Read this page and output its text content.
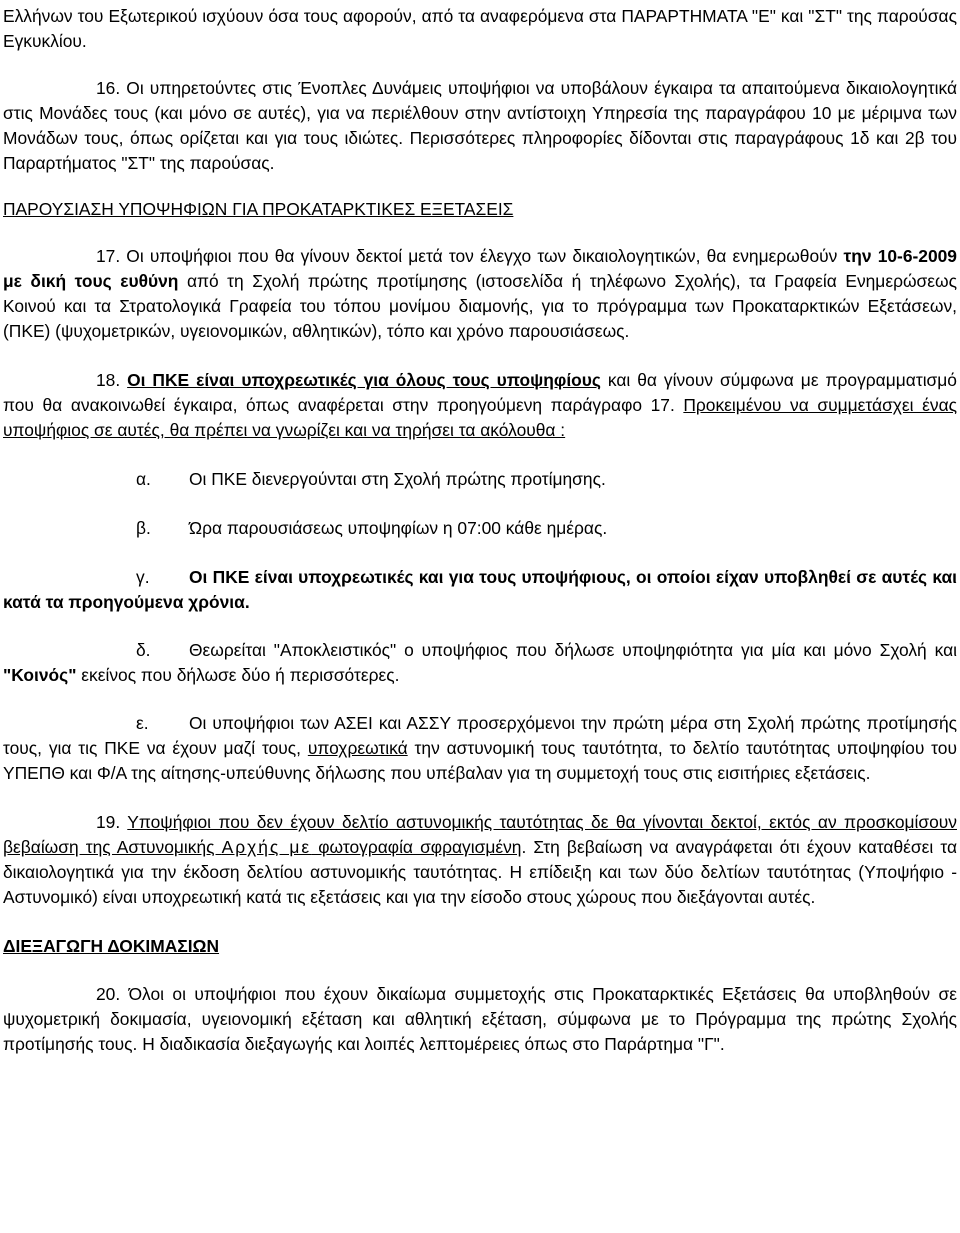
Ελλήνων του Εξωτερικού ισχύουν όσα τους αφορούν, από τα αναφερόμενα στα ΠΑΡΑΡΤΗΜΑΤΑ "Ε" και "ΣΤ" της παρούσας Εγκυκλίου.

16. Οι υπηρετούντες στις Ένοπλες Δυνάμεις υποψήφιοι να υποβάλουν έγκαιρα τα απαιτούμενα δικαιολογητικά στις Μονάδες τους (και μόνο σε αυτές), για να περιέλθουν στην αντίστοιχη Υπηρεσία της παραγράφου 10 με μέριμνα των Μονάδων τους, όπως ορίζεται και για τους ιδιώτες. Περισσότερες πληροφορίες δίδονται στις παραγράφους 1δ και 2β του Παραρτήματος "ΣΤ" της παρούσας.

ΠΑΡΟΥΣΙΑΣΗ ΥΠΟΨΗΦΙΩΝ ΓΙΑ ΠΡΟΚΑΤΑΡΚΤΙΚΕΣ ΕΞΕΤΑΣΕΙΣ

17. Οι υποψήφιοι που θα γίνουν δεκτοί μετά τον έλεγχο των δικαιολογητικών, θα ενημερωθούν την 10-6-2009 με δική τους ευθύνη από τη Σχολή πρώτης προτίμησης (ιστοσελίδα ή τηλέφωνο Σχολής), τα Γραφεία Ενημερώσεως Κοινού και τα Στρατολογικά Γραφεία του τόπου μονίμου διαμονής, για το πρόγραμμα των Προκαταρκτικών Εξετάσεων, (ΠΚΕ) (ψυχομετρικών, υγειονομικών, αθλητικών), τόπο και χρόνο παρουσιάσεως.

18. Οι ΠΚΕ είναι υποχρεωτικές για όλους τους υποψηφίους και θα γίνουν σύμφωνα με προγραμματισμό που θα ανακοινωθεί έγκαιρα, όπως αναφέρεται στην προηγούμενη παράγραφο 17. Προκειμένου να συμμετάσχει ένας υποψήφιος σε αυτές, θα πρέπει να γνωρίζει και να τηρήσει τα ακόλουθα :

α. Οι ΠΚΕ διενεργούνται στη Σχολή πρώτης προτίμησης.

β. Ώρα παρουσιάσεως υποψηφίων η 07:00 κάθε ημέρας.

γ. Οι ΠΚΕ είναι υποχρεωτικές και για τους υποψήφιους, οι οποίοι είχαν υποβληθεί σε αυτές και κατά τα προηγούμενα χρόνια.

δ. Θεωρείται "Αποκλειστικός" ο υποψήφιος που δήλωσε υποψηφιότητα για μία και μόνο Σχολή και "Κοινός" εκείνος που δήλωσε δύο ή περισσότερες.

ε. Οι υποψήφιοι των ΑΣΕΙ και ΑΣΣΥ προσερχόμενοι την πρώτη μέρα στη Σχολή πρώτης προτίμησής τους, για τις ΠΚΕ να έχουν μαζί τους, υποχρεωτικά την αστυνομική τους ταυτότητα, το δελτίο ταυτότητας υποψηφίου του ΥΠΕΠΘ και Φ/Α της αίτησης-υπεύθυνης δήλωσης που υπέβαλαν για τη συμμετοχή τους στις εισιτήριες εξετάσεις.

19. Υποψήφιοι που δεν έχουν δελτίο αστυνομικής ταυτότητας δε θα γίνονται δεκτοί, εκτός αν προσκομίσουν βεβαίωση της Αστυνομικής Αρχής με φωτογραφία σφραγισμένη. Στη βεβαίωση να αναγράφεται ότι έχουν καταθέσει τα δικαιολογητικά για την έκδοση δελτίου αστυνομικής ταυτότητας. Η επίδειξη και των δύο δελτίων ταυτότητας (Υποψήφιο - Αστυνομικό) είναι υποχρεωτική κατά τις εξετάσεις και για την είσοδο στους χώρους που διεξάγονται αυτές.

ΔΙΕΞΑΓΩΓΗ ΔΟΚΙΜΑΣΙΩΝ

20. Όλοι οι υποψήφιοι που έχουν δικαίωμα συμμετοχής στις Προκαταρκτικές Εξετάσεις θα υποβληθούν σε ψυχομετρική δοκιμασία, υγειονομική εξέταση και αθλητική εξέταση, σύμφωνα με το Πρόγραμμα της πρώτης Σχολής προτίμησής τους. Η διαδικασία διεξαγωγής και λοιπές λεπτομέρειες όπως στο Παράρτημα "Γ".
